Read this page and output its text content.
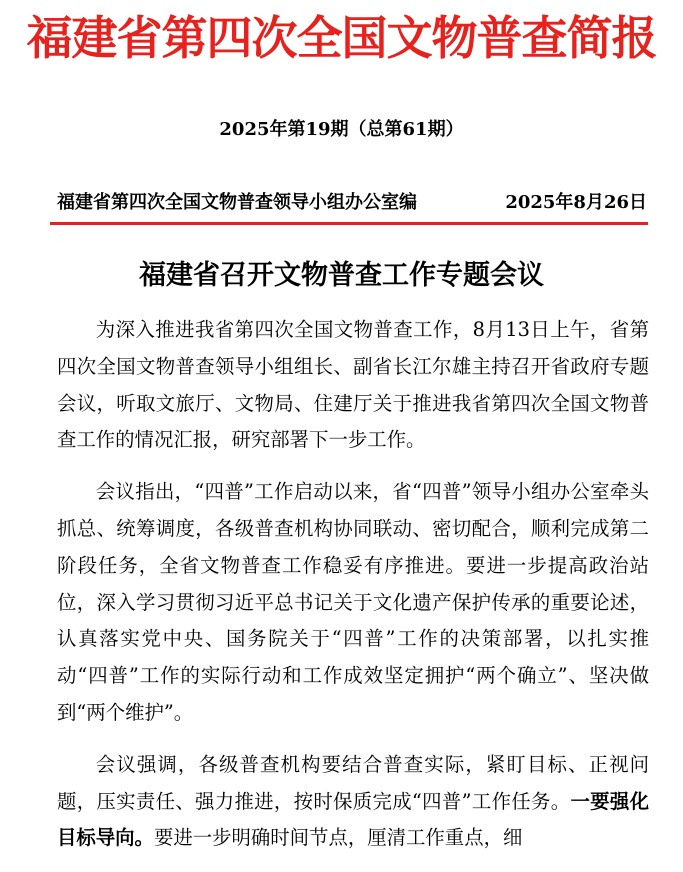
福建省第四次全国文物普查简报
2025年第19期（总第61期）
福建省第四次全国文物普查领导小组办公室编	2025年8月26日
福建省召开文物普查工作专题会议

为深入推进我省第四次全国文物普查工作，8月13日上午，省第四次全国文物普查领导小组组长、副省长江尔雄主持召开省政府专题会议，听取文旅厅、文物局、住建厅关于推进我省第四次全国文物普查工作的情况汇报，研究部署下一步工作。

会议指出，“四普”工作启动以来，省“四普”领导小组办公室牵头抓总、统筹调度，各级普查机构协同联动、密切配合，顺利完成第二阶段任务，全省文物普查工作稳妥有序推进。要进一步提高政治站位，深入学习贯彻习近平总书记关于文化遗产保护传承的重要论述，认真落实党中央、国务院关于“四普”工作的决策部署，以扎实推动“四普”工作的实际行动和工作成效坚定拥护“两个确立”、坚决做到“两个维护”。

会议强调，各级普查机构要结合普查实际，紧盯目标、正视问题，压实责任、强力推进，按时保质完成“四普”工作任务。一要强化目标导向。要进一步明确时间节点，厘清工作重点，细
